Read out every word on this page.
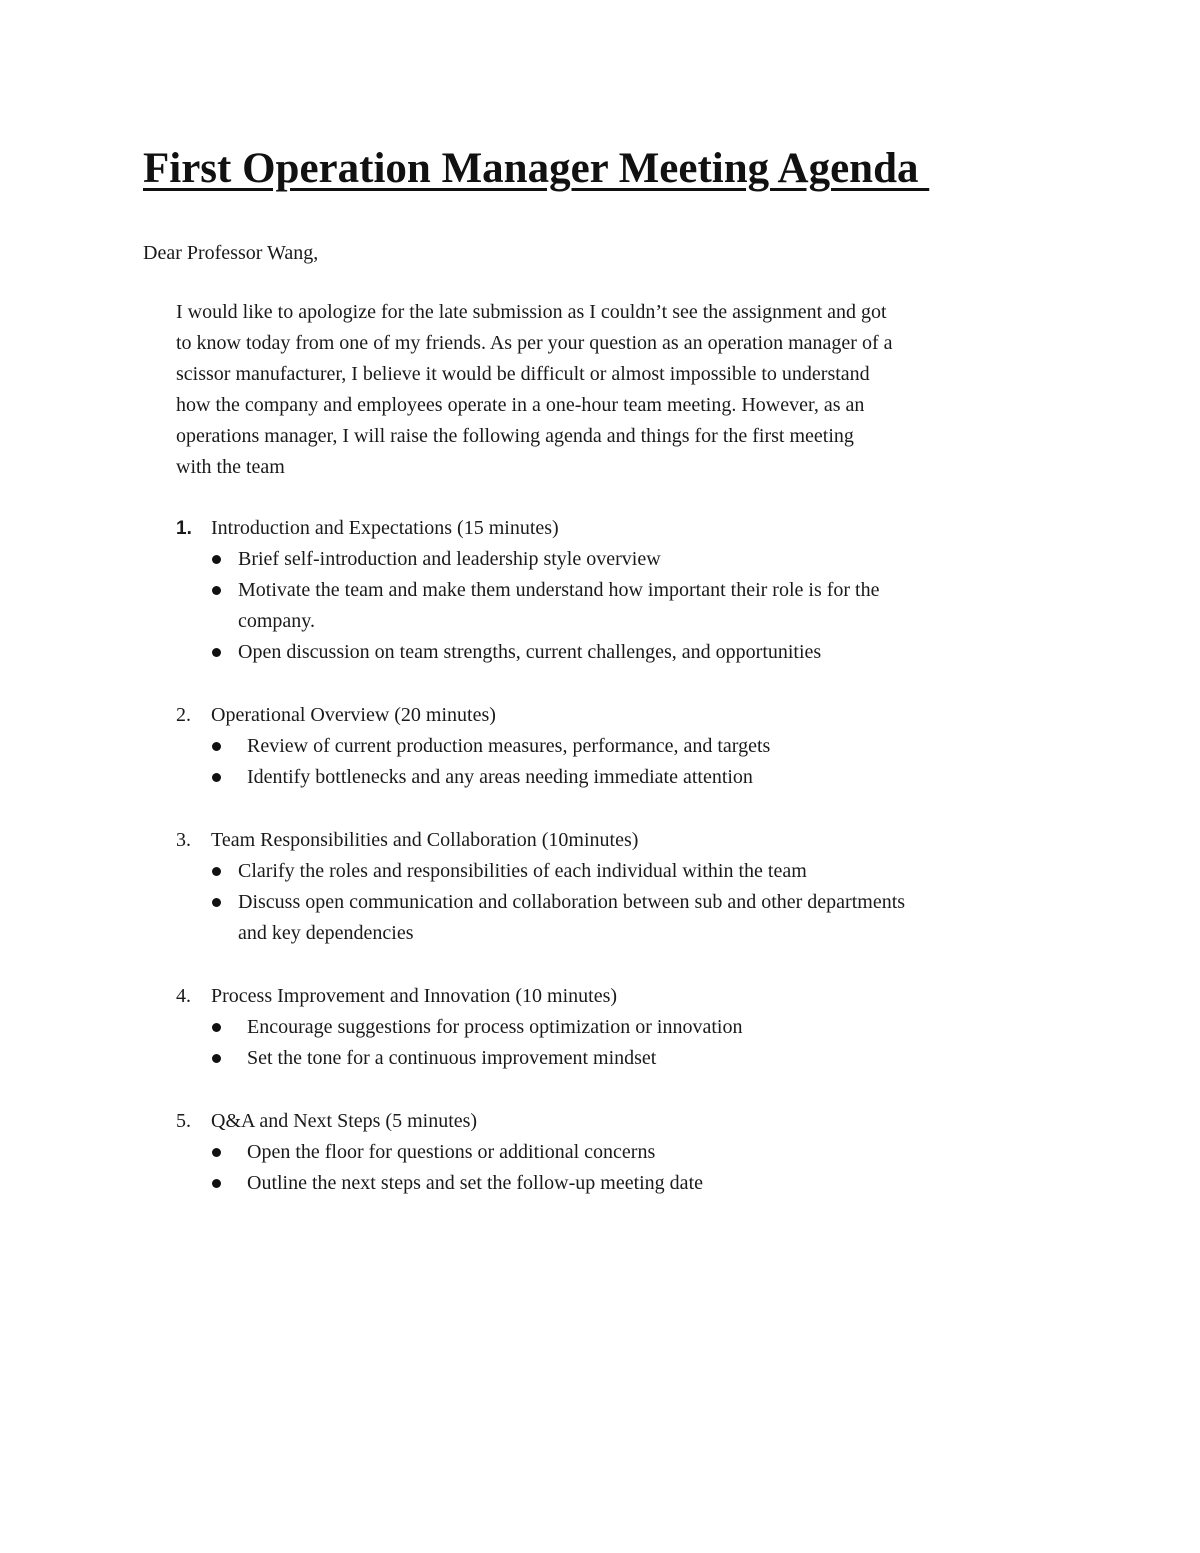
First Operation Manager Meeting Agenda
Dear Professor Wang,
I would like to apologize for the late submission as I couldn’t see the assignment and got
to know today from one of my friends. As per your question as an operation manager of a
scissor manufacturer, I believe it would be difficult or almost impossible to understand
how the company and employees operate in a one-hour team meeting. However, as an
operations manager, I will raise the following agenda and things for the first meeting
with the team
1. Introduction and Expectations (15 minutes)
Brief self-introduction and leadership style overview
Motivate the team and make them understand how important their role is for the
company.
Open discussion on team strengths, current challenges, and opportunities
2. Operational Overview (20 minutes)
Review of current production measures, performance, and targets
Identify bottlenecks and any areas needing immediate attention
3. Team Responsibilities and Collaboration (10minutes)
Clarify the roles and responsibilities of each individual within the team
Discuss open communication and collaboration between sub and other departments
and key dependencies
4. Process Improvement and Innovation (10 minutes)
Encourage suggestions for process optimization or innovation
Set the tone for a continuous improvement mindset
5. Q&A and Next Steps (5 minutes)
Open the floor for questions or additional concerns
Outline the next steps and set the follow-up meeting date
